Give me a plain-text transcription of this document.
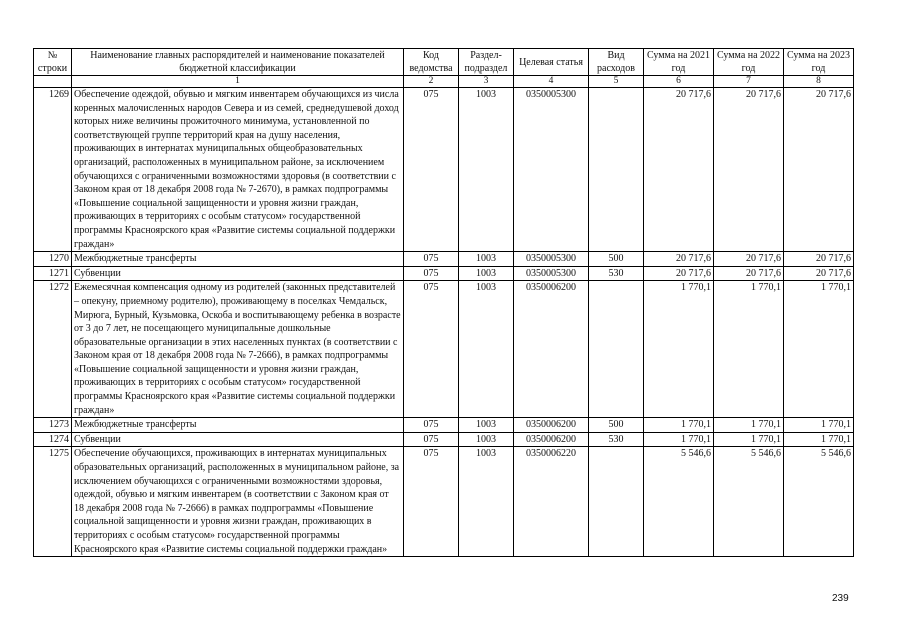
№ строки	Наименование главных распорядителей и наименование показателей бюджетной классификации	Код ведомства	Раздел-подраздел	Целевая статья	Вид расходов	Сумма на 2021 год	Сумма на 2022 год	Сумма на 2023 год
	1	2	3	4	5	6	7	8
1269	Обеспечение одеждой, обувью и мягким инвентарем обучающихся из числа коренных малочисленных народов Севера и из семей, среднедушевой доход которых ниже величины прожиточного минимума, установленной по соответствующей группе территорий края на душу населения, проживающих в интернатах муниципальных общеобразовательных организаций, расположенных в муниципальном районе, за исключением обучающихся с ограниченными возможностями здоровья (в соответствии с Законом края от 18 декабря 2008 года № 7-2670), в рамках подпрограммы «Повышение социальной защищенности и уровня жизни граждан, проживающих в территориях с особым статусом» государственной программы Красноярского края «Развитие системы социальной поддержки граждан»	075	1003	0350005300		20 717,6	20 717,6	20 717,6
1270	Межбюджетные трансферты	075	1003	0350005300	500	20 717,6	20 717,6	20 717,6
1271	Субвенции	075	1003	0350005300	530	20 717,6	20 717,6	20 717,6
1272	Ежемесячная компенсация одному из родителей (законных представителей – опекуну, приемному родителю), проживающему в поселках Чемдальск, Мирюга, Бурный, Кузьмовка, Оскоба и воспитывающему ребенка в возрасте от 3 до 7 лет, не посещающего муниципальные дошкольные образовательные организации в этих населенных пунктах (в соответствии с Законом края от 18 декабря 2008 года № 7-2666), в рамках подпрограммы «Повышение социальной защищенности и уровня жизни граждан, проживающих в территориях с особым статусом» государственной программы Красноярского края «Развитие системы социальной поддержки граждан»	075	1003	0350006200		1 770,1	1 770,1	1 770,1
1273	Межбюджетные трансферты	075	1003	0350006200	500	1 770,1	1 770,1	1 770,1
1274	Субвенции	075	1003	0350006200	530	1 770,1	1 770,1	1 770,1
1275	Обеспечение обучающихся, проживающих в интернатах муниципальных образовательных организаций, расположенных в муниципальном районе, за исключением обучающихся с ограниченными возможностями здоровья, одеждой, обувью и мягким инвентарем (в соответствии с Законом края от 18 декабря 2008 года № 7-2666) в рамках подпрограммы «Повышение социальной защищенности и уровня жизни граждан, проживающих в территориях с особым статусом» государственной программы Красноярского края «Развитие системы социальной поддержки граждан»	075	1003	0350006220		5 546,6	5 546,6	5 546,6
239
